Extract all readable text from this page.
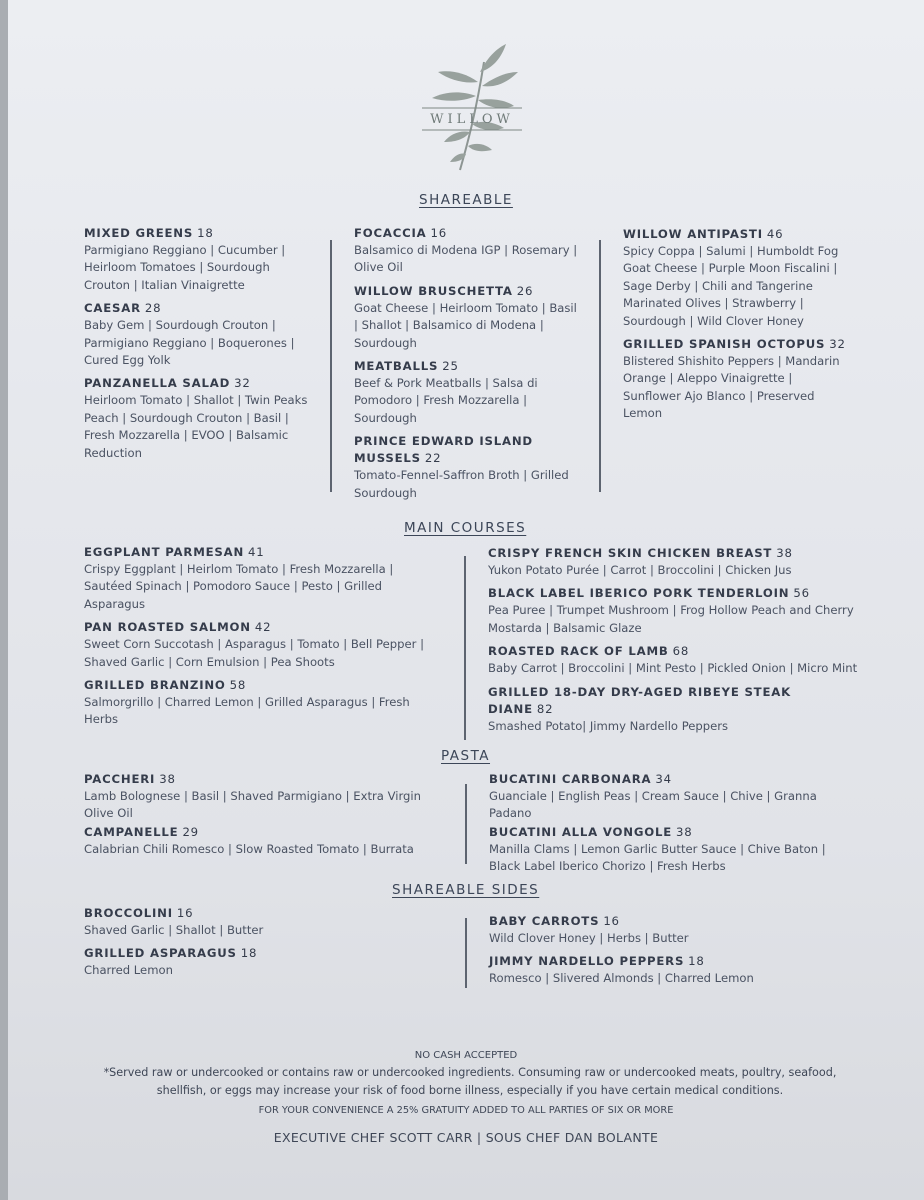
WILLOW
SHAREABLE
MIXED GREENS 18
Parmigiano Reggiano | Cucumber | Heirloom Tomatoes | Sourdough Crouton | Italian Vinaigrette
CAESAR 28
Baby Gem | Sourdough Crouton | Parmigiano Reggiano | Boquerones | Cured Egg Yolk
PANZANELLA SALAD 32
Heirloom Tomato | Shallot | Twin Peaks Peach | Sourdough Crouton | Basil | Fresh Mozzarella | EVOO | Balsamic Reduction
FOCACCIA 16
Balsamico di Modena IGP | Rosemary | Olive Oil
WILLOW BRUSCHETTA 26
Goat Cheese | Heirloom Tomato | Basil | Shallot | Balsamico di Modena | Sourdough
MEATBALLS 25
Beef & Pork Meatballs | Salsa di Pomodoro | Fresh Mozzarella | Sourdough
PRINCE EDWARD ISLAND MUSSELS 22
Tomato-Fennel-Saffron Broth | Grilled Sourdough
WILLOW ANTIPASTI 46
Spicy Coppa | Salumi | Humboldt Fog Goat Cheese | Purple Moon Fiscalini | Sage Derby | Chili and Tangerine Marinated Olives | Strawberry | Sourdough | Wild Clover Honey
GRILLED SPANISH OCTOPUS 32
Blistered Shishito Peppers | Mandarin Orange | Aleppo Vinaigrette | Sunflower Ajo Blanco | Preserved Lemon
MAIN COURSES
EGGPLANT PARMESAN 41
Crispy Eggplant | Heirlom Tomato | Fresh Mozzarella | Sautéed Spinach | Pomodoro Sauce | Pesto | Grilled Asparagus
PAN ROASTED SALMON 42
Sweet Corn Succotash | Asparagus | Tomato | Bell Pepper | Shaved Garlic | Corn Emulsion | Pea Shoots
GRILLED BRANZINO 58
Salmorgrillo | Charred Lemon | Grilled Asparagus | Fresh Herbs
CRISPY FRENCH SKIN CHICKEN BREAST 38
Yukon Potato Purée | Carrot | Broccolini | Chicken Jus
BLACK LABEL IBERICO PORK TENDERLOIN 56
Pea Puree | Trumpet Mushroom | Frog Hollow Peach and Cherry Mostarda | Balsamic Glaze
ROASTED RACK OF LAMB 68
Baby Carrot | Broccolini | Mint Pesto | Pickled Onion | Micro Mint
GRILLED 18-DAY DRY-AGED RIBEYE STEAK DIANE 82
Smashed Potato| Jimmy Nardello Peppers
PASTA
PACCHERI 38
Lamb Bolognese | Basil | Shaved Parmigiano | Extra Virgin Olive Oil
CAMPANELLE 29
Calabrian Chili Romesco | Slow Roasted Tomato | Burrata
BUCATINI CARBONARA 34
Guanciale | English Peas | Cream Sauce | Chive | Granna Padano
BUCATINI ALLA VONGOLE 38
Manilla Clams | Lemon Garlic Butter Sauce | Chive Baton | Black Label Iberico Chorizo | Fresh Herbs
SHAREABLE SIDES
BROCCOLINI 16
Shaved Garlic | Shallot | Butter
GRILLED ASPARAGUS 18
Charred Lemon
BABY CARROTS 16
Wild Clover Honey | Herbs | Butter
JIMMY NARDELLO PEPPERS 18
Romesco | Slivered Almonds | Charred Lemon
NO CASH ACCEPTED
*Served raw or undercooked or contains raw or undercooked ingredients. Consuming raw or undercooked meats, poultry, seafood, shellfish, or eggs may increase your risk of food borne illness, especially if you have certain medical conditions.
FOR YOUR CONVENIENCE A 25% GRATUITY ADDED TO ALL PARTIES OF SIX OR MORE
EXECUTIVE CHEF SCOTT CARR | SOUS CHEF DAN BOLANTE
